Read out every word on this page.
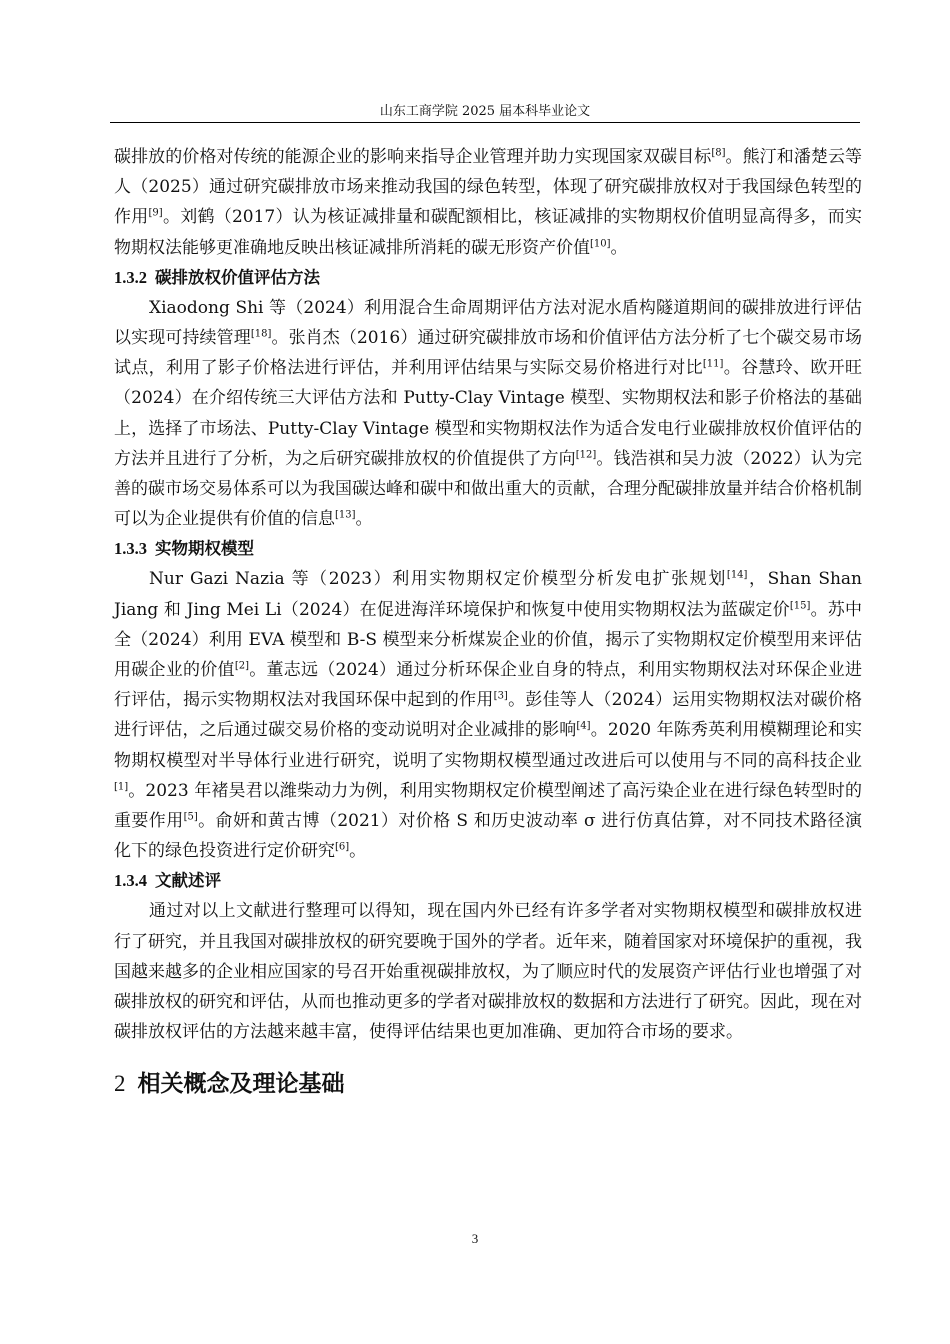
山东工商学院 2025 届本科毕业论文

碳排放的价格对传统的能源企业的影响来指导企业管理并助力实现国家双碳目标[8]。熊汀和潘楚云等人（2025）通过研究碳排放市场来推动我国的绿色转型，体现了研究碳排放权对于我国绿色转型的作用[9]。刘鹤（2017）认为核证减排量和碳配额相比，核证减排的实物期权价值明显高得多，而实物期权法能够更准确地反映出核证减排所消耗的碳无形资产价值[10]。

1.3.2 碳排放权价值评估方法

Xiaodong Shi 等（2024）利用混合生命周期评估方法对泥水盾构隧道期间的碳排放进行评估以实现可持续管理[18]。张肖杰（2016）通过研究碳排放市场和价值评估方法分析了七个碳交易市场试点，利用了影子价格法进行评估，并利用评估结果与实际交易价格进行对比[11]。谷慧玲、欧开旺（2024）在介绍传统三大评估方法和 Putty-Clay Vintage 模型、实物期权法和影子价格法的基础上，选择了市场法、Putty-Clay Vintage 模型和实物期权法作为适合发电行业碳排放权价值评估的方法并且进行了分析，为之后研究碳排放权的价值提供了方向[12]。钱浩祺和吴力波（2022）认为完善的碳市场交易体系可以为我国碳达峰和碳中和做出重大的贡献，合理分配碳排放量并结合价格机制可以为企业提供有价值的信息[13]。

1.3.3 实物期权模型

Nur Gazi Nazia 等（2023）利用实物期权定价模型分析发电扩张规划[14]，Shan Shan Jiang 和 Jing Mei Li（2024）在促进海洋环境保护和恢复中使用实物期权法为蓝碳定价[15]。苏中全（2024）利用 EVA 模型和 B-S 模型来分析煤炭企业的价值，揭示了实物期权定价模型用来评估用碳企业的价值[2]。董志远（2024）通过分析环保企业自身的特点，利用实物期权法对环保企业进行评估，揭示实物期权法对我国环保中起到的作用[3]。彭佳等人（2024）运用实物期权法对碳价格进行评估，之后通过碳交易价格的变动说明对企业减排的影响[4]。2020 年陈秀英利用模糊理论和实物期权模型对半导体行业进行研究，说明了实物期权模型通过改进后可以使用与不同的高科技企业[1]。2023 年褚昊君以潍柴动力为例，利用实物期权定价模型阐述了高污染企业在进行绿色转型时的重要作用[5]。俞妍和黄古博（2021）对价格 S 和历史波动率 σ 进行仿真估算，对不同技术路径演化下的绿色投资进行定价研究[6]。

1.3.4 文献述评

通过对以上文献进行整理可以得知，现在国内外已经有许多学者对实物期权模型和碳排放权进行了研究，并且我国对碳排放权的研究要晚于国外的学者。近年来，随着国家对环境保护的重视，我国越来越多的企业相应国家的号召开始重视碳排放权，为了顺应时代的发展资产评估行业也增强了对碳排放权的研究和评估，从而也推动更多的学者对碳排放权的数据和方法进行了研究。因此，现在对碳排放权评估的方法越来越丰富，使得评估结果也更加准确、更加符合市场的要求。

2 相关概念及理论基础
3
